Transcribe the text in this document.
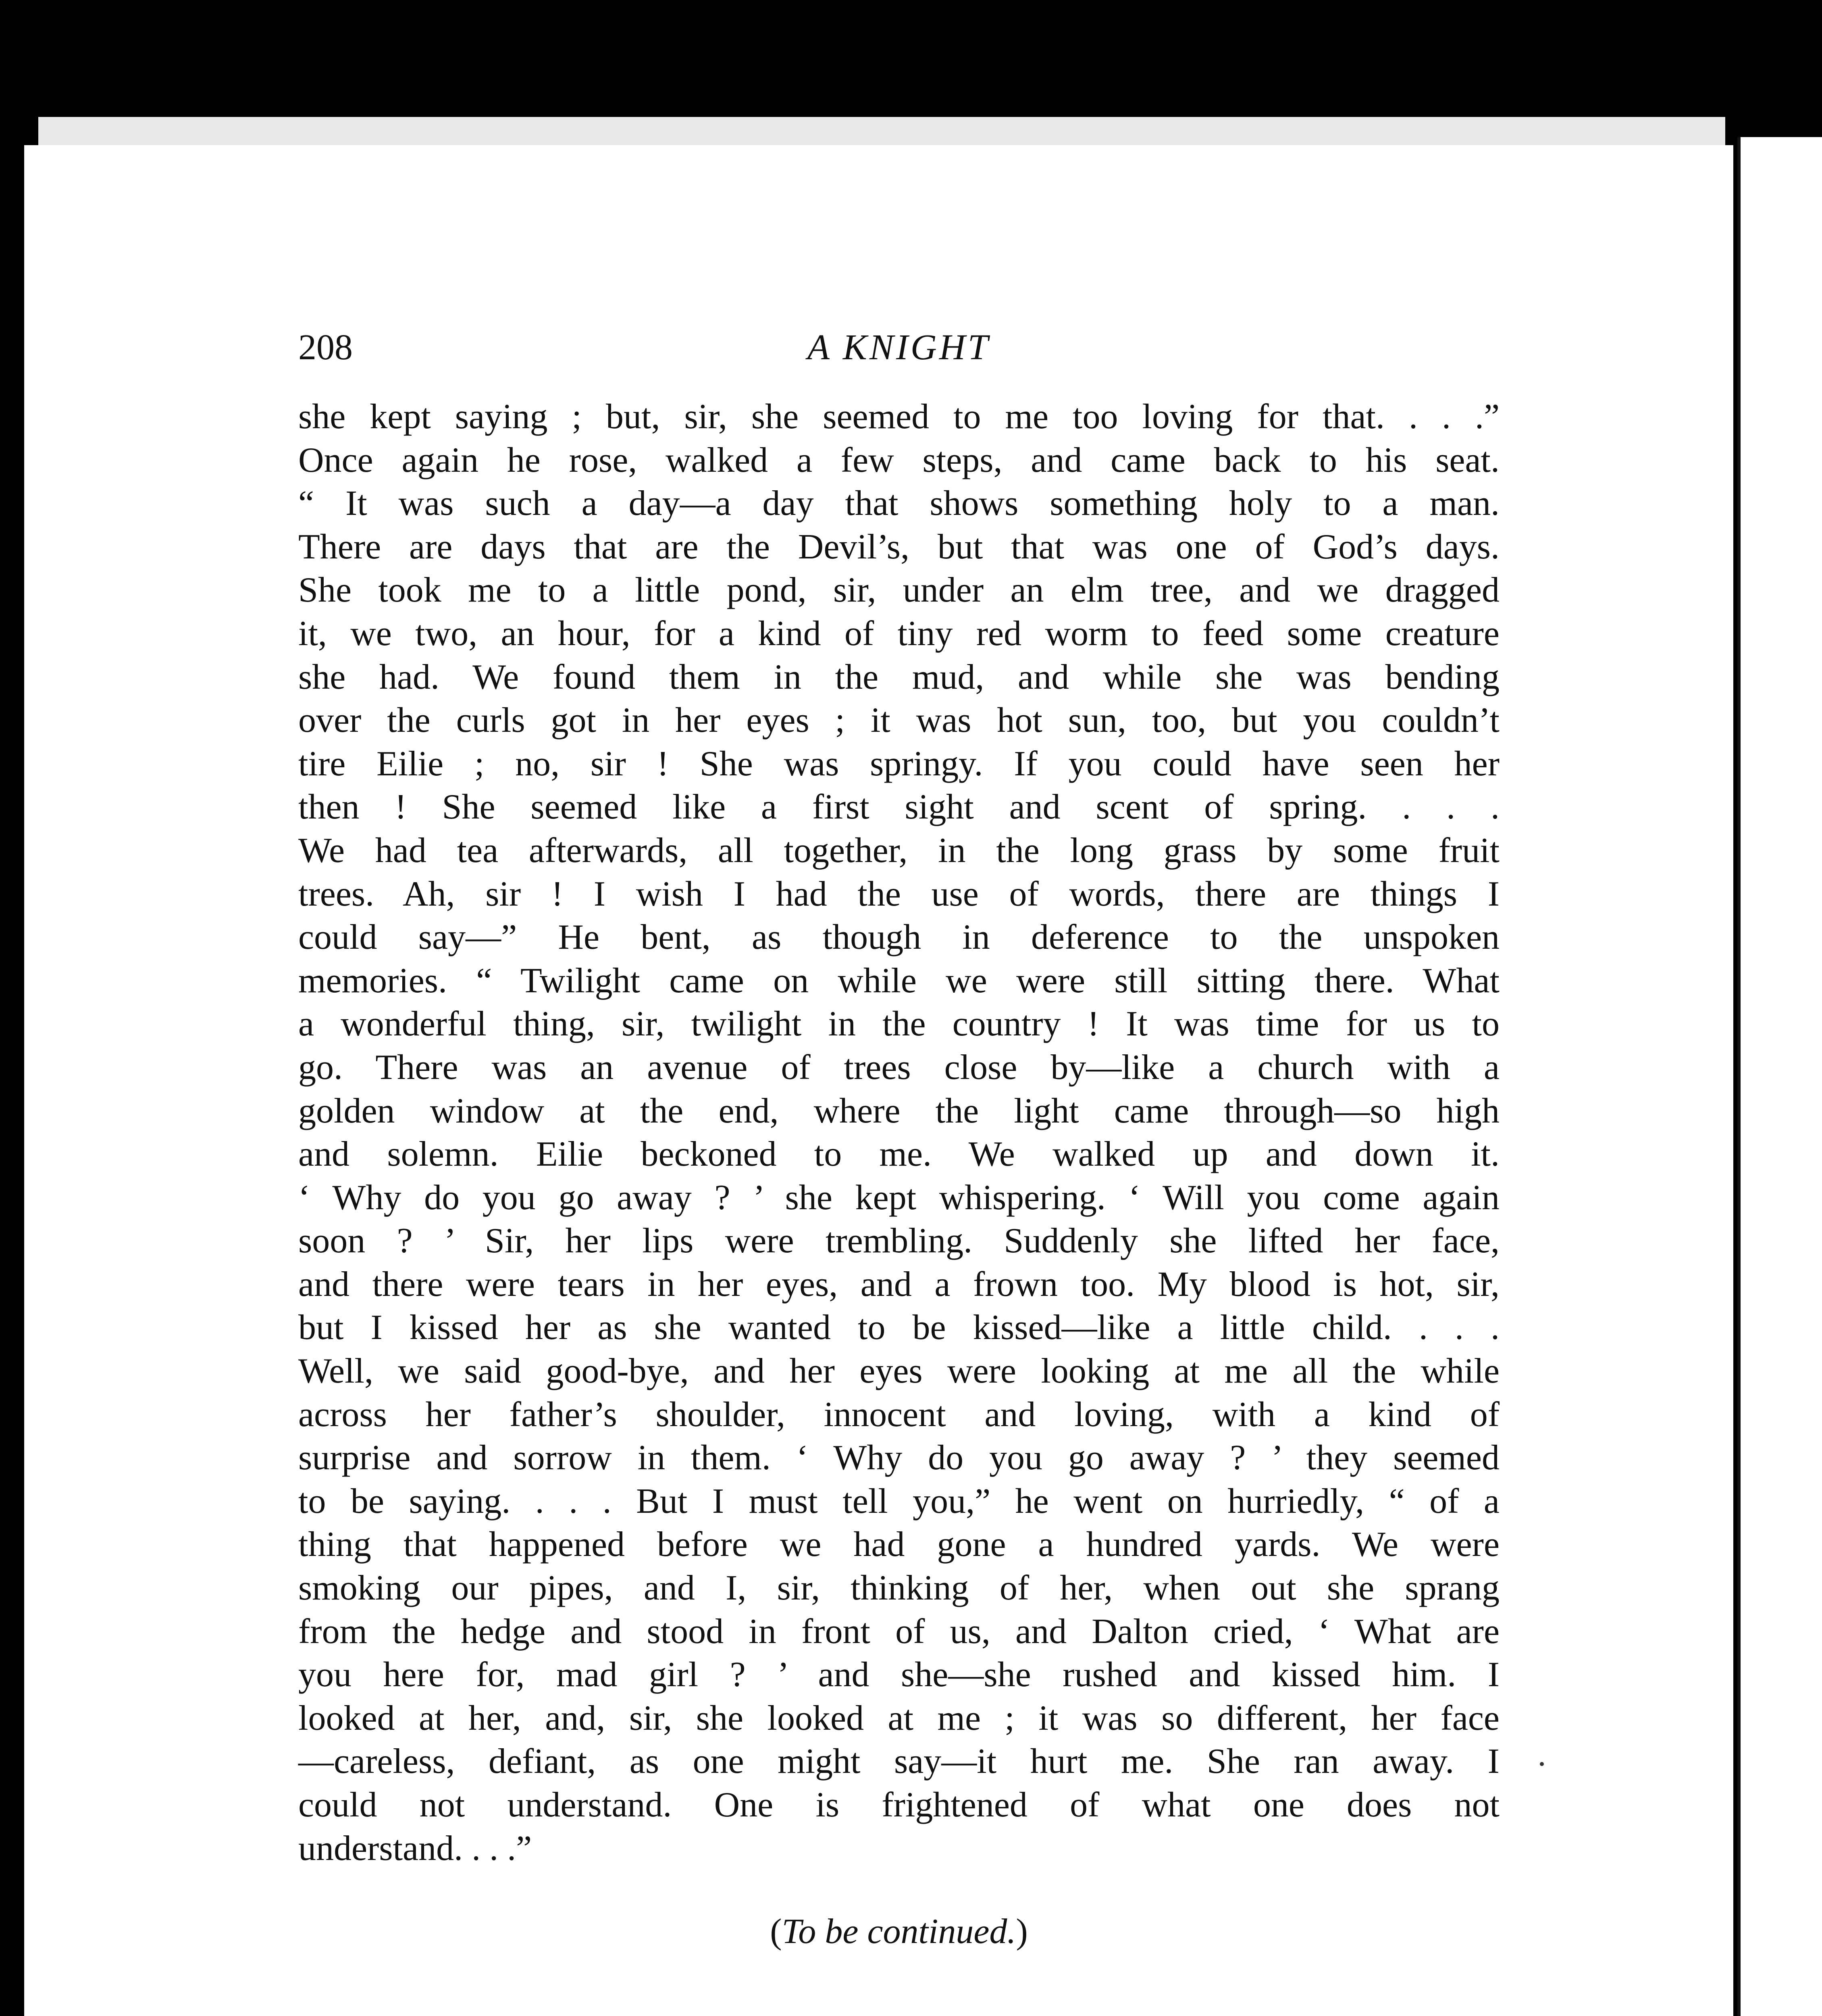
208	A KNIGHT
she kept saying ; but, sir, she seemed to me too loving for that. . . .”
Once again he rose, walked a few steps, and came back to his seat.
“ It was such a day—a day that shows something holy to a man.
There are days that are the Devil’s, but that was one of God’s days.
She took me to a little pond, sir, under an elm tree, and we dragged
it, we two, an hour, for a kind of tiny red worm to feed some creature
she had. We found them in the mud, and while she was bending
over the curls got in her eyes ; it was hot sun, too, but you couldn’t
tire Eilie ; no, sir ! She was springy. If you could have seen her
then ! She seemed like a first sight and scent of spring. . . .
We had tea afterwards, all together, in the long grass by some fruit
trees. Ah, sir ! I wish I had the use of words, there are things I
could say—” He bent, as though in deference to the unspoken
memories. “ Twilight came on while we were still sitting there. What
a wonderful thing, sir, twilight in the country ! It was time for us to
go. There was an avenue of trees close by—like a church with a
golden window at the end, where the light came through—so high
and solemn. Eilie beckoned to me. We walked up and down it.
‘ Why do you go away ? ’ she kept whispering. ‘ Will you come again
soon ? ’ Sir, her lips were trembling. Suddenly she lifted her face,
and there were tears in her eyes, and a frown too. My blood is hot, sir,
but I kissed her as she wanted to be kissed—like a little child. . . .
Well, we said good-bye, and her eyes were looking at me all the while
across her father’s shoulder, innocent and loving, with a kind of
surprise and sorrow in them. ‘ Why do you go away ? ’ they seemed
to be saying. . . . But I must tell you,” he went on hurriedly, “ of a
thing that happened before we had gone a hundred yards. We were
smoking our pipes, and I, sir, thinking of her, when out she sprang
from the hedge and stood in front of us, and Dalton cried, ‘ What are
you here for, mad girl ? ’ and she—she rushed and kissed him. I
looked at her, and, sir, she looked at me ; it was so different, her face
—careless, defiant, as one might say—it hurt me. She ran away. I
could not understand. One is frightened of what one does not
understand. . . .”
(To be continued.)
